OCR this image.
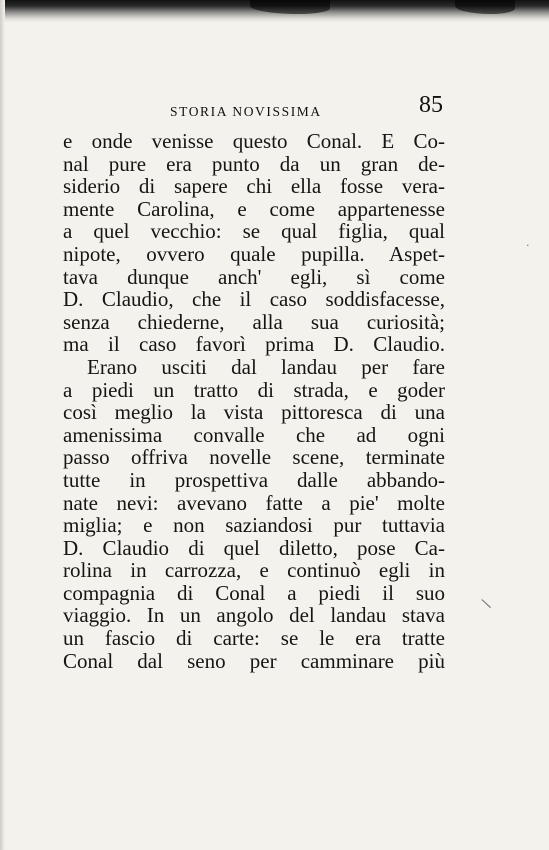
STORIA NOVISSIMA	85
e onde venisse questo Conal. E Co-
nal pure era punto da un gran de-
siderio di sapere chi ella fosse vera-
mente Carolina, e come appartenesse
a quel vecchio: se qual figlia, qual
nipote, ovvero quale pupilla. Aspet-
tava dunque anch' egli, sì come
D. Claudio, che il caso soddisfacesse,
senza chiederne, alla sua curiosità;
ma il caso favorì prima D. Claudio.
Erano usciti dal landau per fare
a piedi un tratto di strada, e goder
così meglio la vista pittoresca di una
amenissima convalle che ad ogni
passo offriva novelle scene, terminate
tutte in prospettiva dalle abbando-
nate nevi: avevano fatte a pie' molte
miglia; e non saziandosi pur tuttavia
D. Claudio di quel diletto, pose Ca-
rolina in carrozza, e continuò egli in
compagnia di Conal a piedi il suo
viaggio. In un angolo del landau stava
un fascio di carte: se le era tratte
Conal dal seno per camminare più
\
.
